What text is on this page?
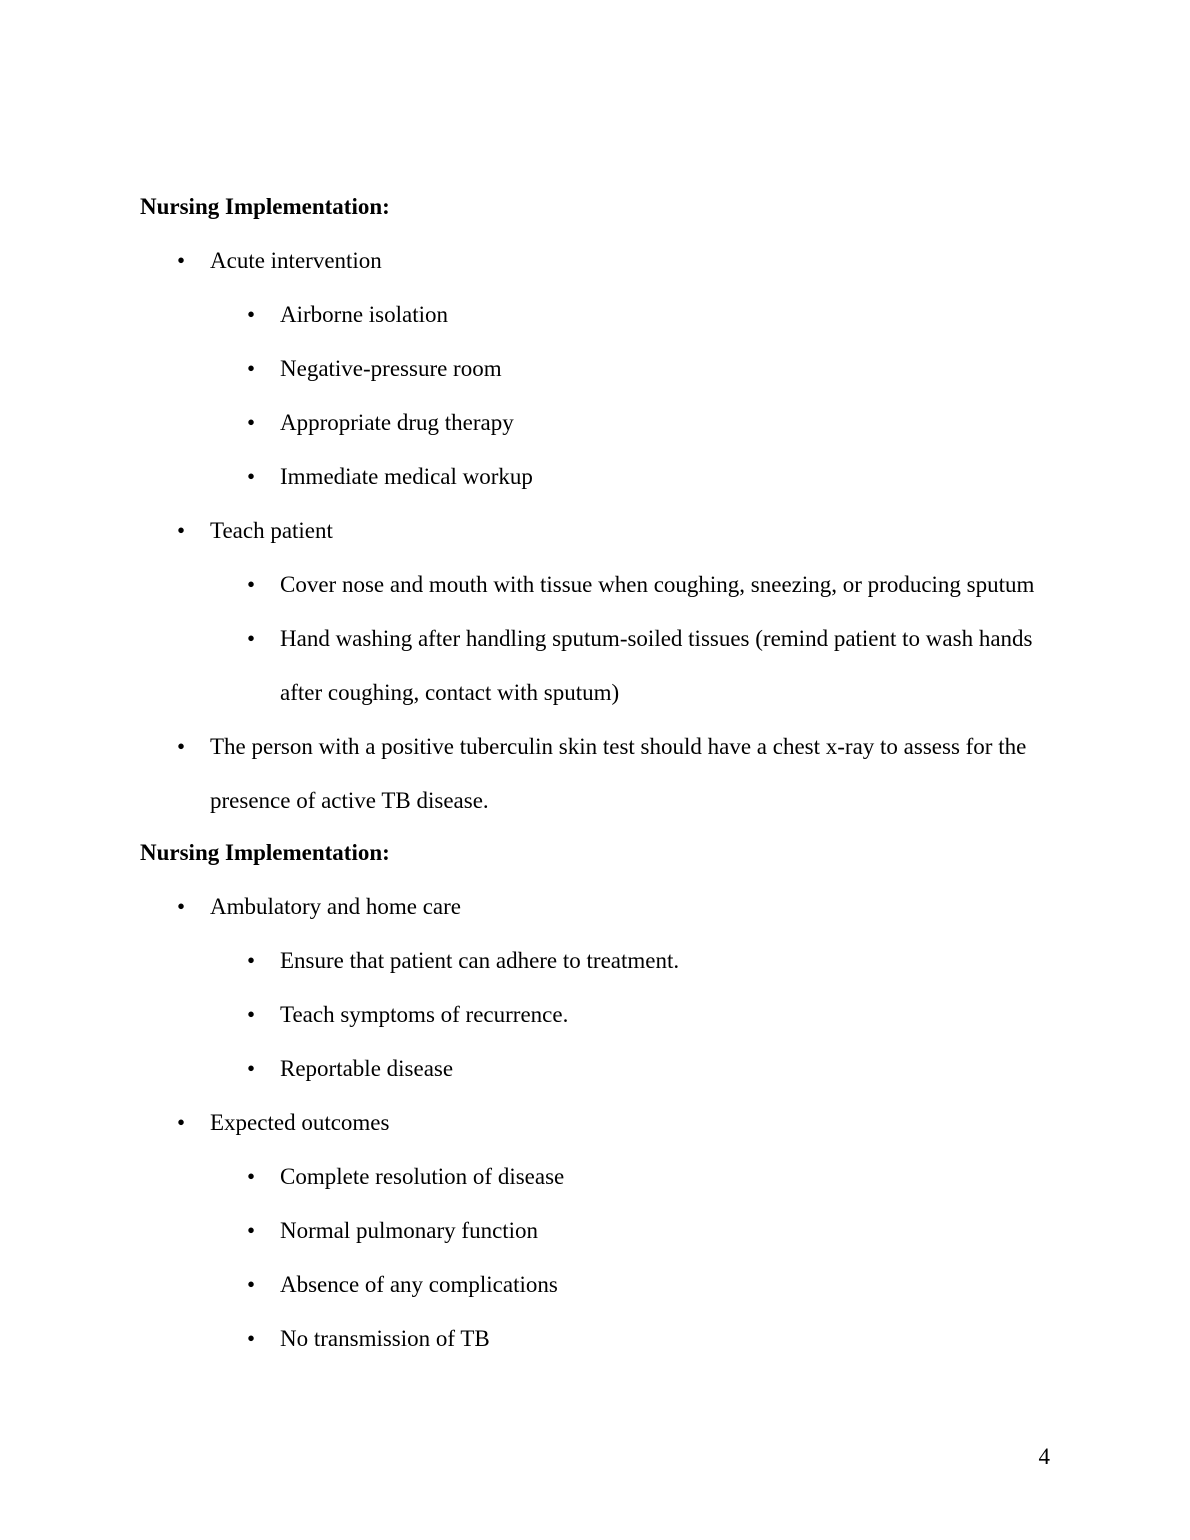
Nursing Implementation:

• Acute intervention
• Airborne isolation
• Negative-pressure room
• Appropriate drug therapy
• Immediate medical workup
• Teach patient
• Cover nose and mouth with tissue when coughing, sneezing, or producing sputum
• Hand washing after handling sputum-soiled tissues (remind patient to wash hands after coughing, contact with sputum)
• The person with a positive tuberculin skin test should have a chest x-ray to assess for the presence of active TB disease.

Nursing Implementation:

• Ambulatory and home care
• Ensure that patient can adhere to treatment.
• Teach symptoms of recurrence.
• Reportable disease
• Expected outcomes
• Complete resolution of disease
• Normal pulmonary function
• Absence of any complications
• No transmission of TB
4
